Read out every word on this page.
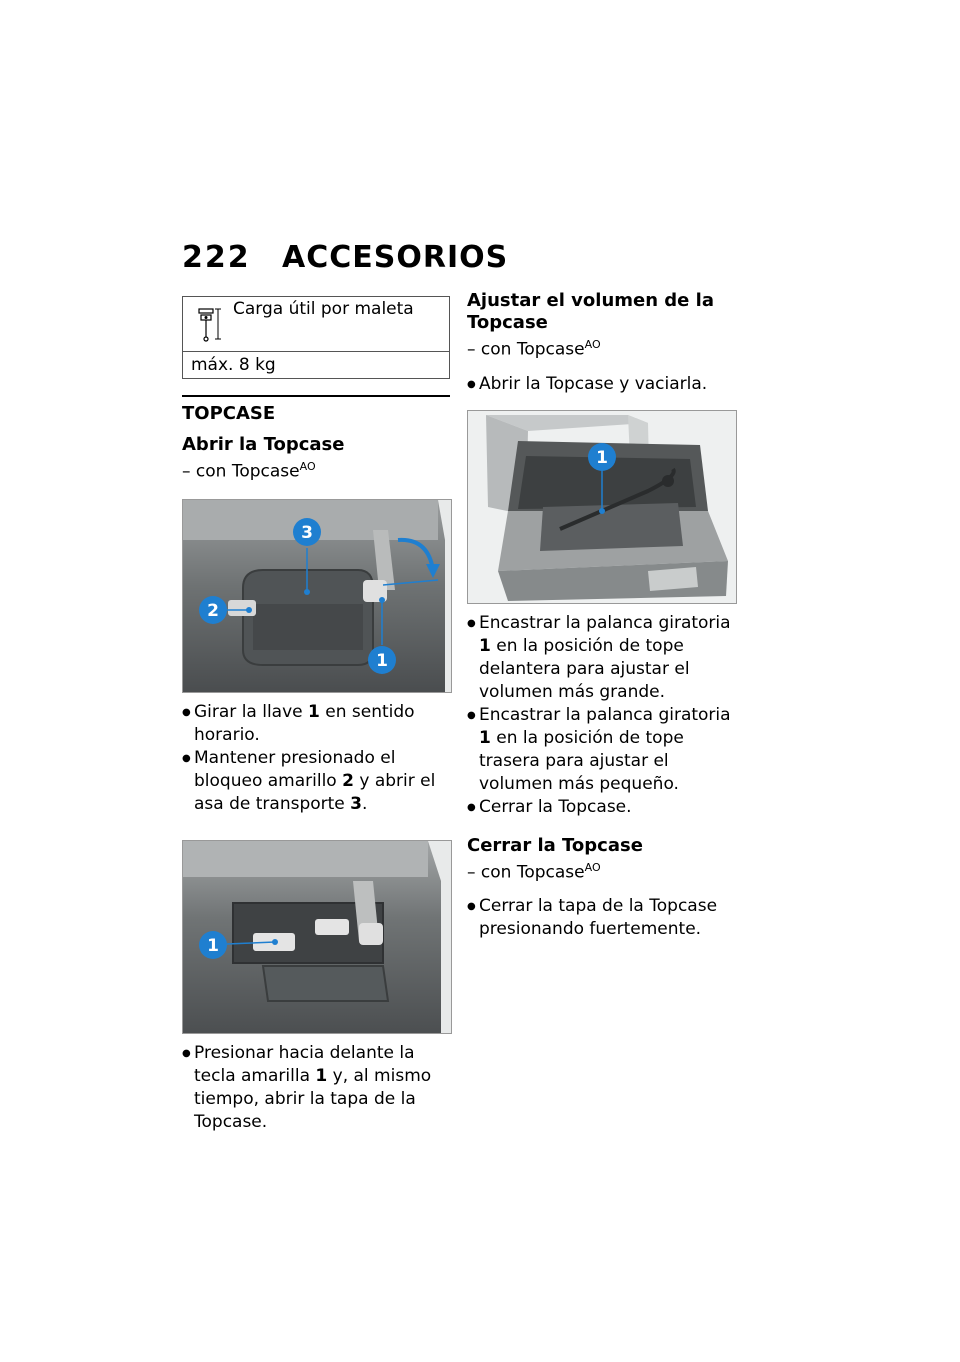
222 ACCESORIOS
Carga útil por maleta
máx. 8 kg
TOPCASE
Abrir la Topcase
– con Topcase$^{AO}$
3
2
1
● Girar la llave 1 en sentido horario.
● Mantener presionado el bloqueo amarillo 2 y abrir el asa de transporte 3.
1
● Presionar hacia delante la tecla amarilla 1 y, al mismo tiempo, abrir la tapa de la Topcase.
Ajustar el volumen de la Topcase
– con Topcase$^{AO}$
● Abrir la Topcase y vaciarla.
1
● Encastrar la palanca giratoria 1 en la posición de tope delantera para ajustar el volumen más grande.
● Encastrar la palanca giratoria 1 en la posición de tope trasera para ajustar el volumen más pequeño.
● Cerrar la Topcase.
Cerrar la Topcase
– con Topcase$^{AO}$
● Cerrar la tapa de la Topcase presionando fuertemente.
